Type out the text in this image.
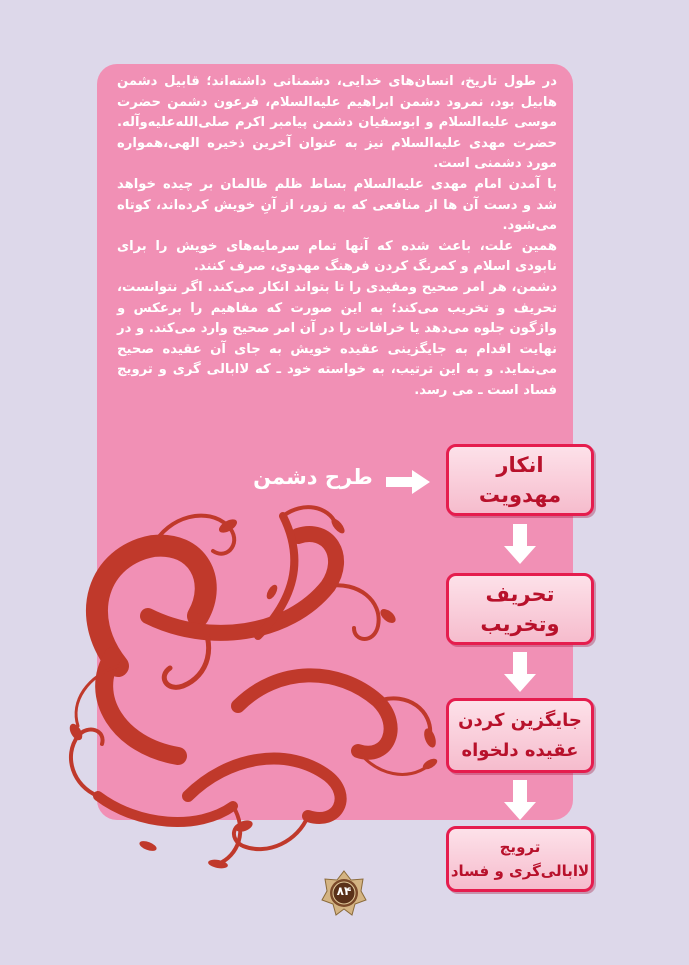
در طول تاریخ، انسان‌های خدایی، دشمنانی داشته‌اند؛ قابیل دشمن هابیل بود، نمرود دشمن ابراهیم علیه‌السلام، فرعون دشمن حضرت موسی علیه‌السلام و ابوسفیان دشمن پیامبر اکرم صلی‌الله‌علیه‌وآله. حضرت مهدی علیه‌السلام نیز به عنوان آخرین ذخیره الهی،همواره مورد دشمنی است.

با آمدن امام مهدی علیه‌السلام بساط ظلم ظالمان بر چیده خواهد شد و دست آن ها از منافعی که به زور، از آنِ خویش کرده‌اند، کوتاه می‌شود.

همین علت، باعث شده که آنها تمام سرمایه‌های خویش را برای نابودی اسلام و کمرنگ کردن فرهنگ مهدوی، صرف کنند.

دشمن، هر امر صحیح ومفیدی را تا بتواند انکار می‌کند. اگر نتوانست، تحریف و تخریب می‌کند؛ به این صورت که مفاهیم را برعکس و واژگون جلوه می‌دهد یا خرافات را در آن امر صحیح وارد می‌کند. و در نهایت اقدام به جایگزینی عقیده خویش به جای آن عقیده صحیح می‌نماید. و به این ترتیب، به خواسته خود ـ که لاابالی گری و ترویج فساد است ـ می رسد.

طرح دشمن	انکار
مهدویت
تحریف
وتخریب
جایگزین کردن
عقیده دلخواه
ترویج
لاابالی‌گری و فساد
۸۴
